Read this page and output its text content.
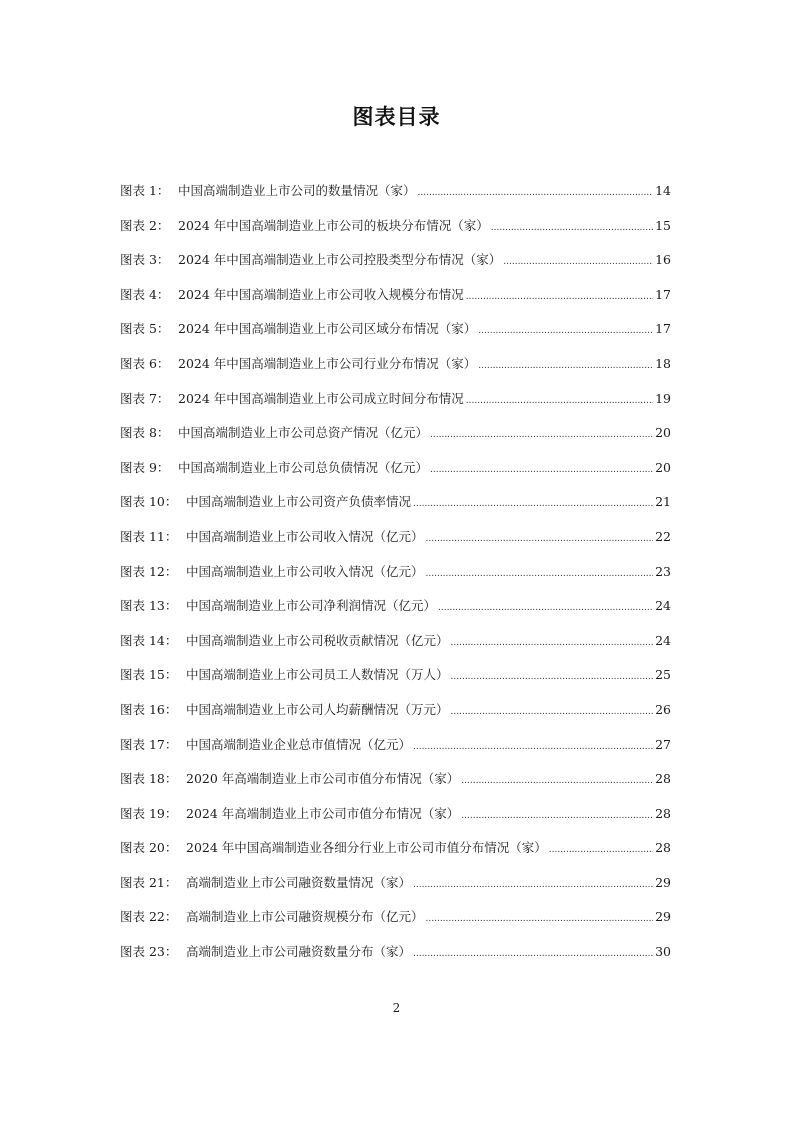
图表目录
图表 1： 中国高端制造业上市公司的数量情况（家） .....	14
图表 2： 2024 年中国高端制造业上市公司的板块分布情况（家） .....	15
图表 3： 2024 年中国高端制造业上市公司控股类型分布情况（家） .....	16
图表 4： 2024 年中国高端制造业上市公司收入规模分布情况 .....	17
图表 5： 2024 年中国高端制造业上市公司区域分布情况（家） .....	17
图表 6： 2024 年中国高端制造业上市公司行业分布情况（家） .....	18
图表 7： 2024 年中国高端制造业上市公司成立时间分布情况 .....	19
图表 8： 中国高端制造业上市公司总资产情况（亿元） .....	20
图表 9： 中国高端制造业上市公司总负债情况（亿元） .....	20
图表 10： 中国高端制造业上市公司资产负债率情况 .....	21
图表 11： 中国高端制造业上市公司收入情况（亿元） .....	22
图表 12： 中国高端制造业上市公司收入情况（亿元） .....	23
图表 13： 中国高端制造业上市公司净利润情况（亿元） .....	24
图表 14： 中国高端制造业上市公司税收贡献情况（亿元） .....	24
图表 15： 中国高端制造业上市公司员工人数情况（万人） .....	25
图表 16： 中国高端制造业上市公司人均薪酬情况（万元） .....	26
图表 17： 中国高端制造业企业总市值情况（亿元） .....	27
图表 18： 2020 年高端制造业上市公司市值分布情况（家） .....	28
图表 19： 2024 年高端制造业上市公司市值分布情况（家） .....	28
图表 20： 2024 年中国高端制造业各细分行业上市公司市值分布情况（家） .....	28
图表 21： 高端制造业上市公司融资数量情况（家） .....	29
图表 22： 高端制造业上市公司融资规模分布（亿元） .....	29
图表 23： 高端制造业上市公司融资数量分布（家） .....	30
2
